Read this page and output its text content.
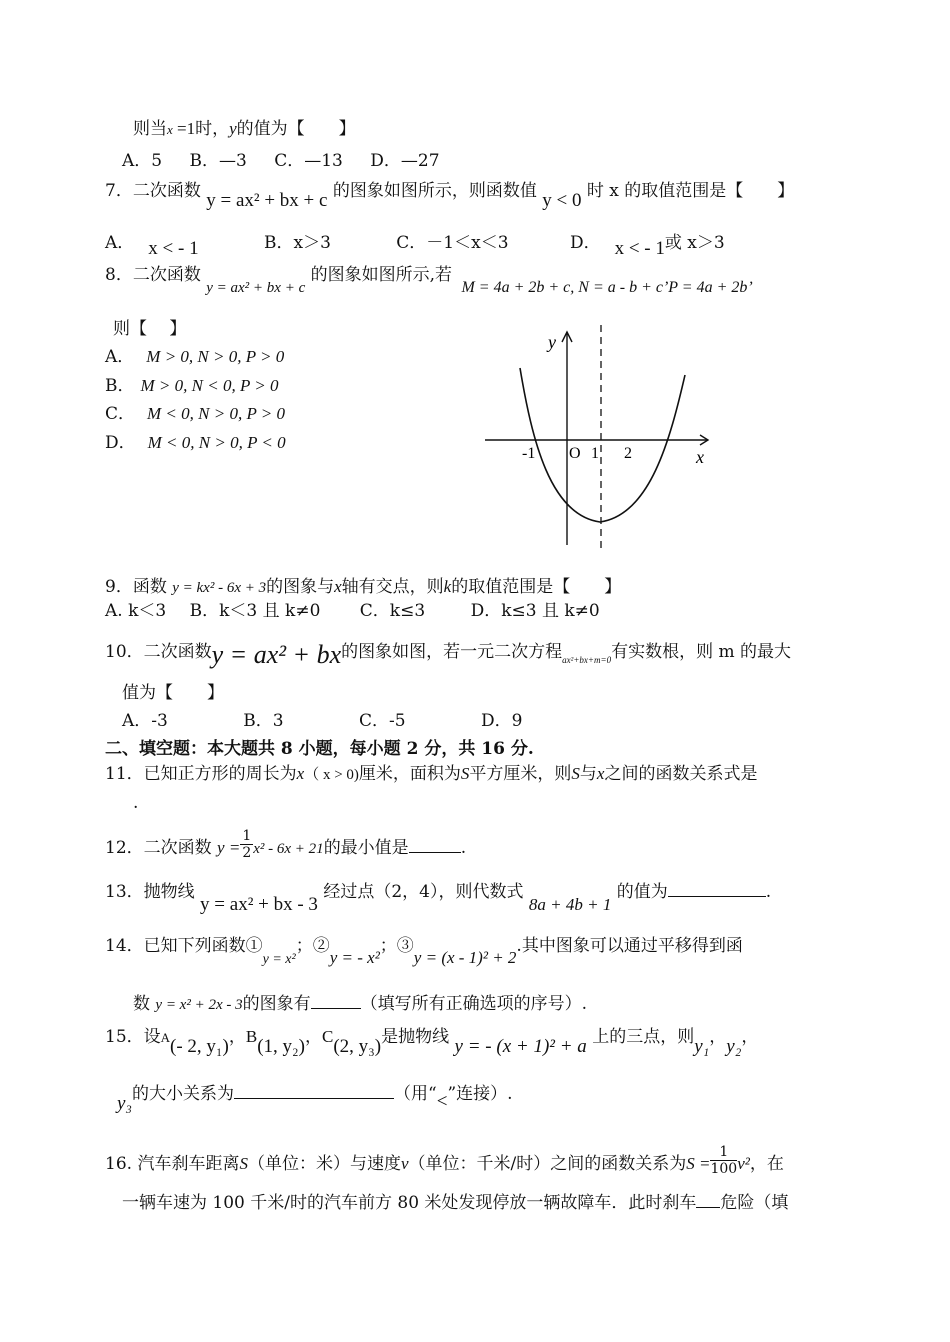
则当x =1时，y的值为【　　】
A．5 B．—3 C．—13 D．—27
7．二次函数 y = ax² + bx + c 的图象如图所示，则函数值 y < 0 时 x 的取值范围是【　　】
A． x < - 1	B．x＞3	C．－1＜x＜3	D． x < - 1或 x＞3
8．二次函数 y = ax² + bx + c 的图象如图所示,若 M = 4a + 2b + c, N = a - b + c’P = 4a + 2b’
则【　 】
A． M > 0, N > 0, P > 0
B． M > 0, N < 0, P > 0
C． M < 0, N > 0, P > 0
D． M < 0, N > 0, P < 0
y
x
-1 O 1 2
9．函数 y = kx² - 6x + 3的图象与x轴有交点，则k的取值范围是【　　】
A. k＜3 B．k＜3 且 k≠0 C．k≤3	D．k≤3 且 k≠0
10．二次函数y = ax² + bx的图象如图，若一元二次方程$_{ax^2+bx+m=0}$有实数根，则 m 的最大
值为【　　】
A．-3	B．3	C．-5	D．9
二、填空题：本大题共 8 小题，每小题 2 分，共 16 分.
11．已知正方形的周长为x（ x > 0)厘米，面积为S平方厘米，则S与x之间的函数关系式是
.
12．二次函数 $y = \frac{1}{2} x^2 - 6x + 21$的最小值是	.
13．抛物线 y = ax² + bx - 3 经过点（2，4），则代数式 8a + 4b + 1 的值为	.
14．已知下列函数$①_{y = x^2}$；②y = - x²；③y = (x - 1)² + 2.其中图象可以通过平移得到函
数 y = x² + 2x - 3的图象有	（填写所有正确选项的序号）.
15．设A(- 2, y₁)，B(1, y₂)，C(2, y₃)是抛物线 y = - (x + 1)² + a 上的三点，则y₁，y₂，
y₃的大小关系为	（用“<”连接）.
16. 汽车刹车距离S（单位：米）与速度v（单位：千米/时）之间的函数关系为$S = \frac{1}{100} v^2$，在
一辆车速为 100 千米/时的汽车前方 80 米处发现停放一辆故障车．此时刹车 危险（填
